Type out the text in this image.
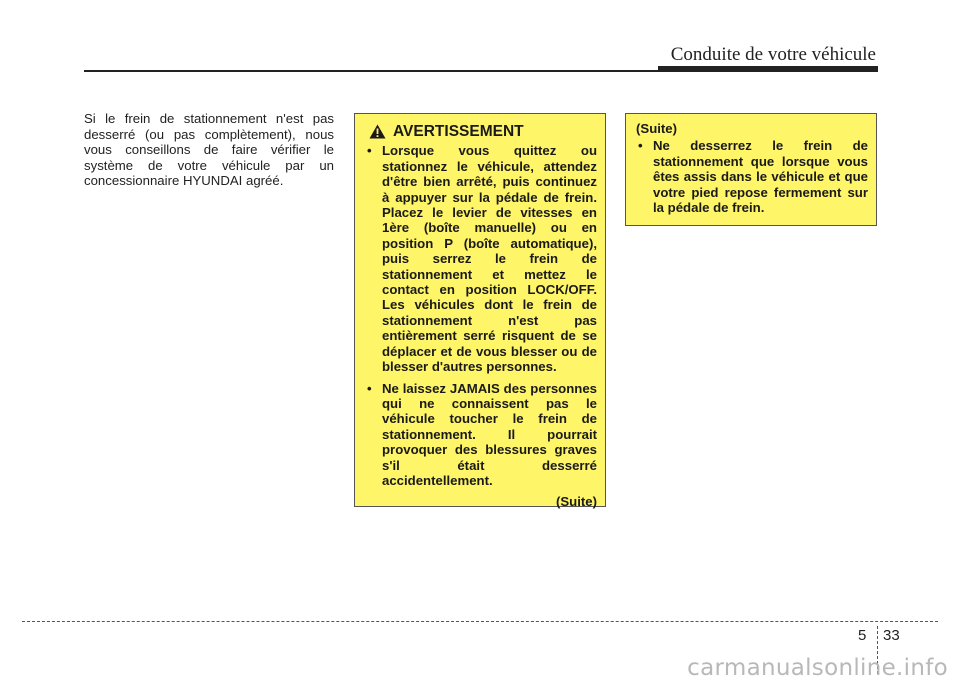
Conduite de votre véhicule
Si le frein de stationnement n'est pas desserré (ou pas complètement), nous vous conseillons de faire vérifier le système de votre véhicule par un concessionnaire HYUNDAI agréé.
AVERTISSEMENT
• Lorsque vous quittez ou stationnez le véhicule, attendez d'être bien arrêté, puis continuez à appuyer sur la pédale de frein. Placez le levier de vitesses en 1ère (boîte manuelle) ou en position P (boîte automatique), puis serrez le frein de stationnement et mettez le contact en position LOCK/OFF. Les véhicules dont le frein de stationnement n'est pas entièrement serré risquent de se déplacer et de vous blesser ou de blesser d'autres personnes.
• Ne laissez JAMAIS des personnes qui ne connaissent pas le véhicule toucher le frein de stationnement. Il pourrait provoquer des blessures graves s'il était desserré accidentellement.
(Suite)
(Suite)
• Ne desserrez le frein de stationnement que lorsque vous êtes assis dans le véhicule et que votre pied repose fermement sur la pédale de frein.
5 33
carmanualsonline.info
